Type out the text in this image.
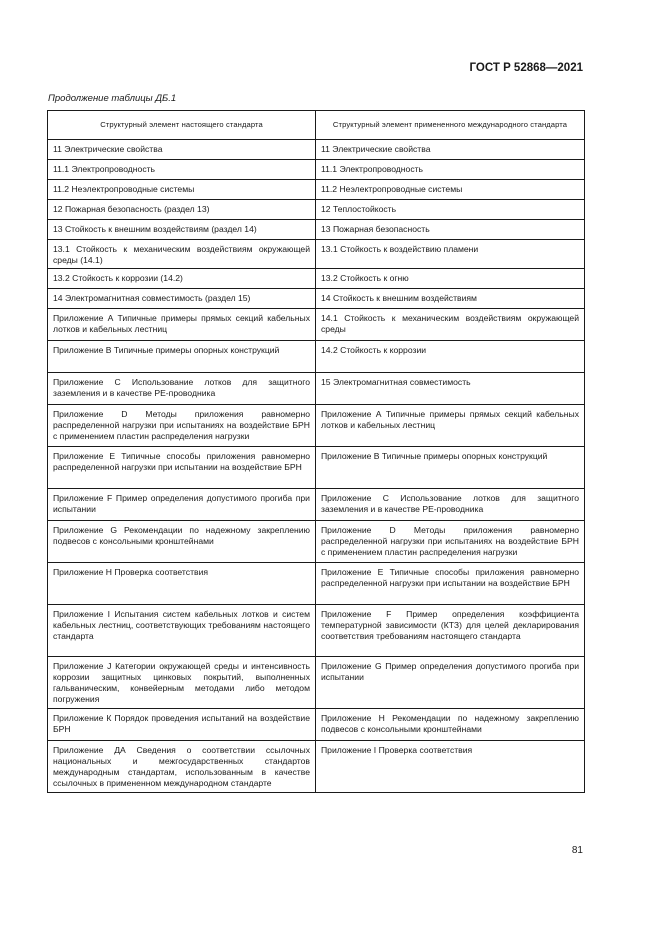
ГОСТ Р 52868—2021
Продолжение таблицы ДБ.1
Структурный элемент настоящего стандарта	Структурный элемент примененного международного стандарта
11 Электрические свойства	11 Электрические свойства
11.1 Электропроводность	11.1 Электропроводность
11.2 Неэлектропроводные системы	11.2 Неэлектропроводные системы
12 Пожарная безопасность (раздел 13)	12 Теплостойкость
13 Стойкость к внешним воздействиям (раздел 14)	13 Пожарная безопасность
13.1 Стойкость к механическим воздействиям окружающей среды (14.1)	13.1 Стойкость к воздействию пламени
13.2 Стойкость к коррозии (14.2)	13.2 Стойкость к огню
14 Электромагнитная совместимость (раздел 15)	14 Стойкость к внешним воздействиям
Приложение А Типичные примеры прямых секций кабельных лотков и кабельных лестниц	14.1 Стойкость к механическим воздействиям окружающей среды
Приложение В Типичные примеры опорных конструкций	14.2 Стойкость к коррозии
Приложение С Использование лотков для защитного заземления и в качестве PE-проводника	15 Электромагнитная совместимость
Приложение D Методы приложения равномерно распределенной нагрузки при испытаниях на воздействие БРН с применением пластин распределения нагрузки	Приложение А Типичные примеры прямых секций кабельных лотков и кабельных лестниц
Приложение Е Типичные способы приложения равномерно распределенной нагрузки при испытании на воздействие БРН	Приложение В Типичные примеры опорных конструкций
Приложение F Пример определения допустимого прогиба при испытании	Приложение С Использование лотков для защитного заземления и в качестве PE-проводника
Приложение G Рекомендации по надежному закреплению подвесов с консольными кронштейнами	Приложение D Методы приложения равномерно распределенной нагрузки при испытаниях на воздействие БРН с применением пластин распределения нагрузки
Приложение Н Проверка соответствия	Приложение Е Типичные способы приложения равномерно распределенной нагрузки при испытании на воздействие БРН
Приложение I Испытания систем кабельных лотков и систем кабельных лестниц, соответствующих требованиям настоящего стандарта	Приложение F Пример определения коэффициента температурной зависимости (КТЗ) для целей декларирования соответствия требованиям настоящего стандарта
Приложение J Категории окружающей среды и интенсивность коррозии защитных цинковых покрытий, выполненных гальваническим, конвейерным методами либо методом погружения	Приложение G Пример определения допустимого прогиба при испытании
Приложение К Порядок проведения испытаний на воздействие БРН	Приложение Н Рекомендации по надежному закреплению подвесов с консольными кронштейнами
Приложение ДА Сведения о соответствии ссылочных национальных и межгосударственных стандартов международным стандартам, использованным в качестве ссылочных в примененном международном стандарте	Приложение I Проверка соответствия
81
